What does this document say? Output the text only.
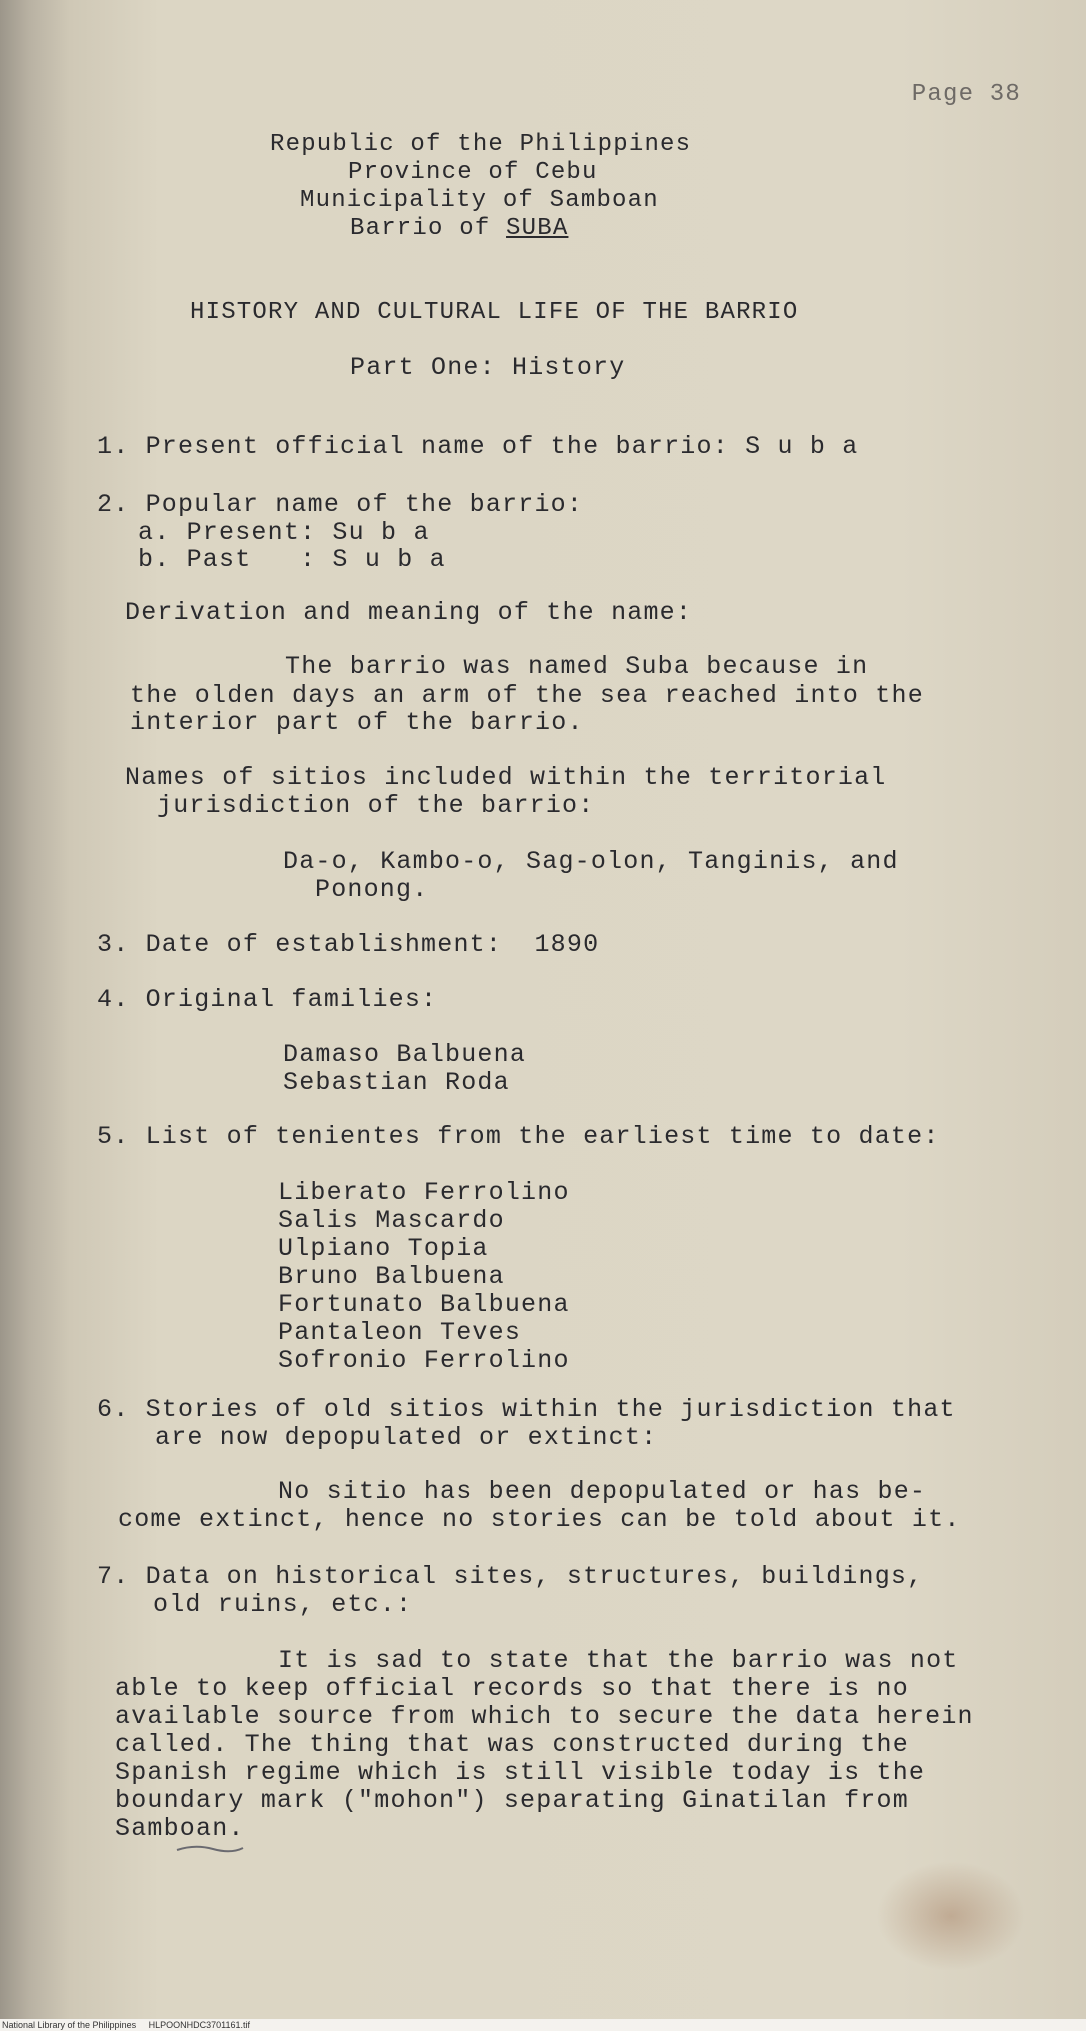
Page 38
Republic of the Philippines
Province of Cebu
Municipality of Samboan
Barrio of SUBA
HISTORY AND CULTURAL LIFE OF THE BARRIO
Part One: History
1. Present official name of the barrio: S u b a
2. Popular name of the barrio:
a. Present: Su b a
b. Past   : S u b a
Derivation and meaning of the name:
The barrio was named Suba because in
the olden days an arm of the sea reached into the
interior part of the barrio.
Names of sitios included within the territorial
jurisdiction of the barrio:
Da-o, Kambo-o, Sag-olon, Tanginis, and
Ponong.
3. Date of establishment:  1890
4. Original families:
Damaso Balbuena
Sebastian Roda
5. List of tenientes from the earliest time to date:
Liberato Ferrolino
Salis Mascardo
Ulpiano Topia
Bruno Balbuena
Fortunato Balbuena
Pantaleon Teves
Sofronio Ferrolino
6. Stories of old sitios within the jurisdiction that
are now depopulated or extinct:
No sitio has been depopulated or has be-
come extinct, hence no stories can be told about it.
7. Data on historical sites, structures, buildings,
old ruins, etc.:
It is sad to state that the barrio was not
able to keep official records so that there is no
available source from which to secure the data herein
called. The thing that was constructed during the
Spanish regime which is still visible today is the
boundary mark ("mohon") separating Ginatilan from
Samboan.
National Library of the Philippines     HLPOONHDC3701161.tif
